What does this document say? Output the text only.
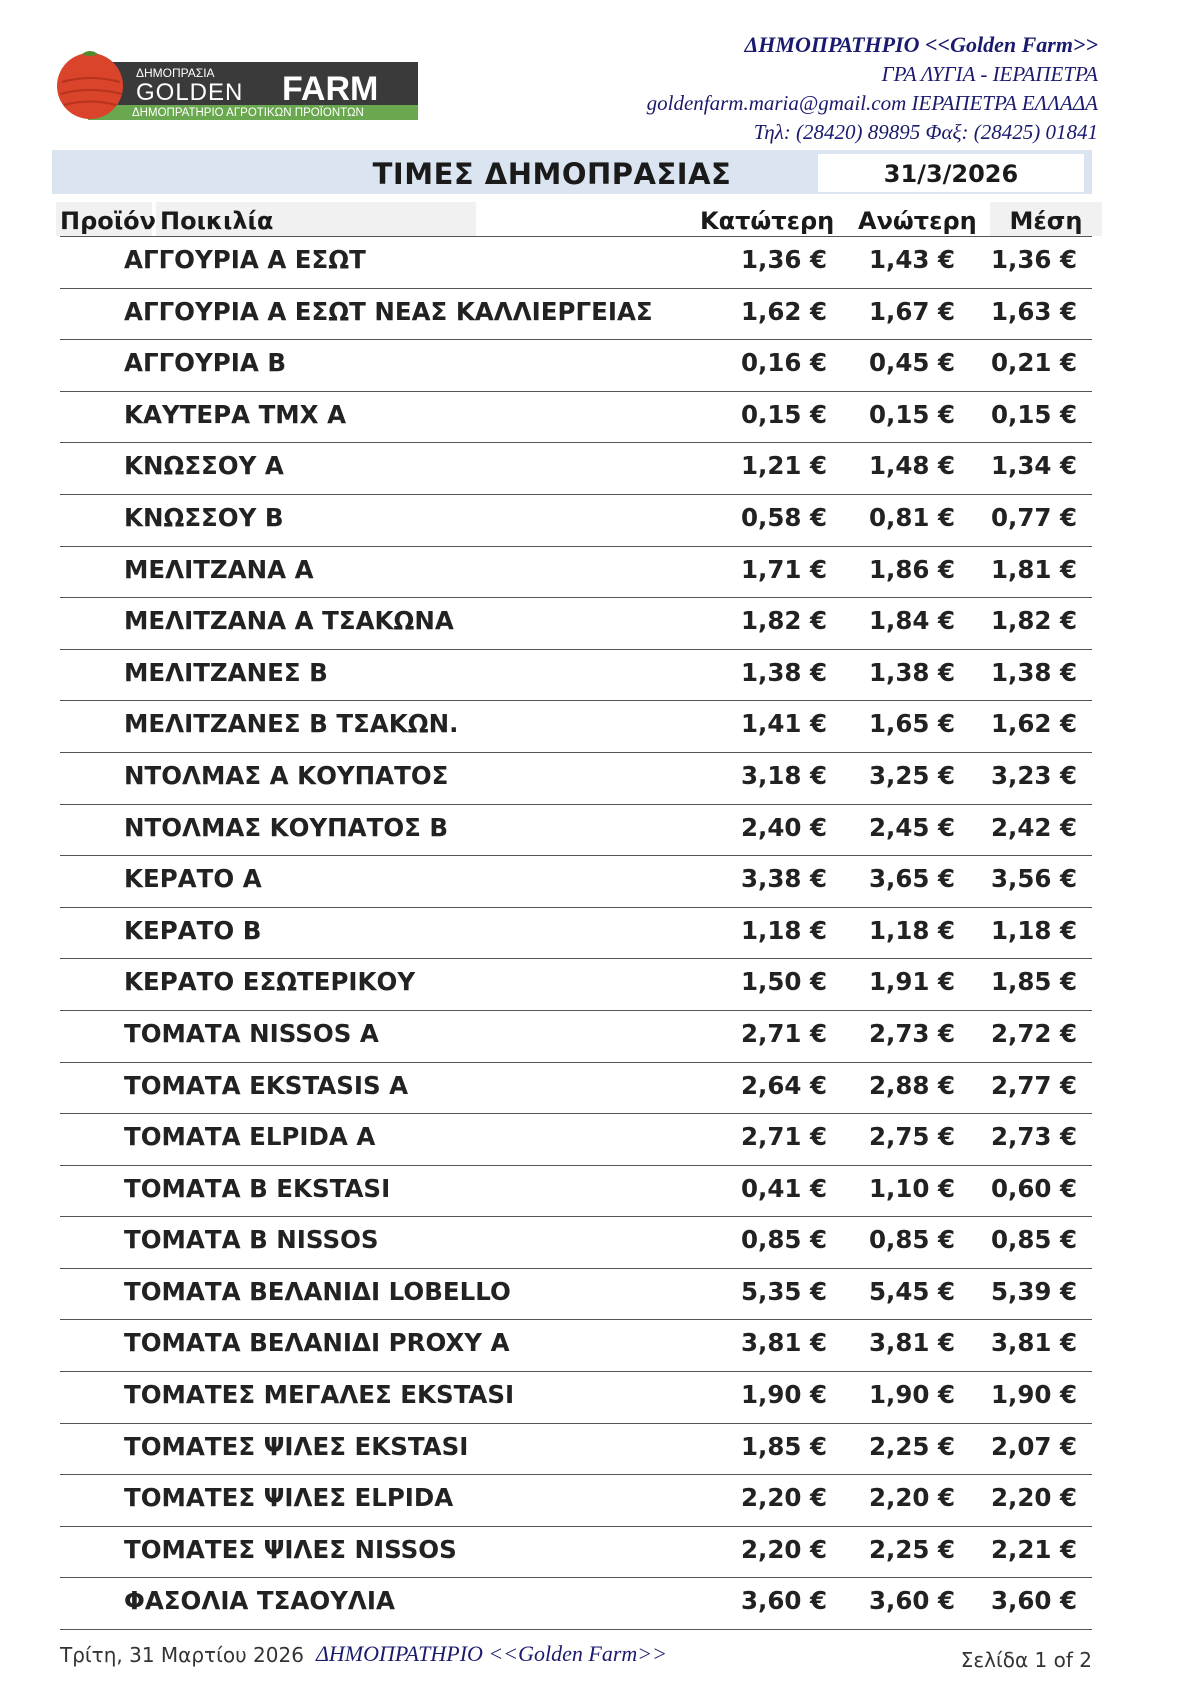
ΔΗΜΟΠΡΑΣΙΑ
GOLDEN FARM
ΔΗΜΟΠΡΑΤΗΡΙΟ ΑΓΡΟΤΙΚΩΝ ΠΡΟΪΟΝΤΩΝ
ΔΗΜΟΠΡΑΤΗΡΙΟ <<Golden Farm>>
ΓΡΑ ΛΥΓΙΑ - ΙΕΡΑΠΕΤΡΑ
goldenfarm.maria@gmail.com ΙΕΡΑΠΕΤΡΑ ΕΛΛΑΔΑ
Τηλ: (28420) 89895 Φαξ: (28425) 01841
ΤΙΜΕΣ ΔΗΜΟΠΡΑΣΙΑΣ	31/3/2026
Προϊόν Ποικιλία	Κατώτερη Ανώτερη	Μέση
ΑΓΓΟΥΡΙΑ Α ΕΣΩΤ	1,36 € 1,43 € 1,36 €
ΑΓΓΟΥΡΙΑ Α ΕΣΩΤ ΝΕΑΣ ΚΑΛΛΙΕΡΓΕΙΑΣ	1,62 € 1,67 € 1,63 €
ΑΓΓΟΥΡΙΑ Β	0,16 € 0,45 € 0,21 €
ΚΑΥΤΕΡΑ ΤΜΧ Α	0,15 € 0,15 € 0,15 €
ΚΝΩΣΣΟΥ Α	1,21 € 1,48 € 1,34 €
ΚΝΩΣΣΟΥ Β	0,58 € 0,81 € 0,77 €
ΜΕΛΙΤΖΑΝΑ Α	1,71 € 1,86 € 1,81 €
ΜΕΛΙΤΖΑΝΑ Α ΤΣΑΚΩΝΑ	1,82 € 1,84 € 1,82 €
ΜΕΛΙΤΖΑΝΕΣ Β	1,38 € 1,38 € 1,38 €
ΜΕΛΙΤΖΑΝΕΣ Β ΤΣΑΚΩΝ.	1,41 € 1,65 € 1,62 €
ΝΤΟΛΜΑΣ Α ΚΟΥΠΑΤΟΣ	3,18 € 3,25 € 3,23 €
ΝΤΟΛΜΑΣ ΚΟΥΠΑΤΟΣ Β	2,40 € 2,45 € 2,42 €
ΚΕΡΑΤΟ Α	3,38 € 3,65 € 3,56 €
ΚΕΡΑΤΟ Β	1,18 € 1,18 € 1,18 €
ΚΕΡΑΤΟ ΕΣΩΤΕΡΙΚΟΥ	1,50 € 1,91 € 1,85 €
ΤΟΜΑΤΑ NISSOS A	2,71 € 2,73 € 2,72 €
ΤΟΜΑΤΑ EKSTASIS A	2,64 € 2,88 € 2,77 €
ΤΟΜΑΤΑ ELPIDA A	2,71 € 2,75 € 2,73 €
ΤΟΜΑΤΑ Β EKSTASI	0,41 € 1,10 € 0,60 €
ΤΟΜΑΤΑ Β NISSOS	0,85 € 0,85 € 0,85 €
ΤΟΜΑΤΑ ΒΕΛΑΝΙΔΙ LOBELLO	5,35 € 5,45 € 5,39 €
ΤΟΜΑΤΑ ΒΕΛΑΝΙΔΙ PROXY A	3,81 € 3,81 € 3,81 €
ΤΟΜΑΤΕΣ ΜΕΓΑΛΕΣ EKSTASI	1,90 € 1,90 € 1,90 €
ΤΟΜΑΤΕΣ ΨΙΛΕΣ EKSTASI	1,85 € 2,25 € 2,07 €
ΤΟΜΑΤΕΣ ΨΙΛΕΣ ELPIDA	2,20 € 2,20 € 2,20 €
ΤΟΜΑΤΕΣ ΨΙΛΕΣ NISSOS	2,20 € 2,25 € 2,21 €
ΦΑΣΟΛΙΑ ΤΣΑΟΥΛΙΑ	3,60 € 3,60 € 3,60 €
Τρίτη, 31 Μαρτίου 2026 ΔΗΜΟΠΡΑΤΗΡΙΟ <<Golden Farm>>	Σελίδα 1 of 2
